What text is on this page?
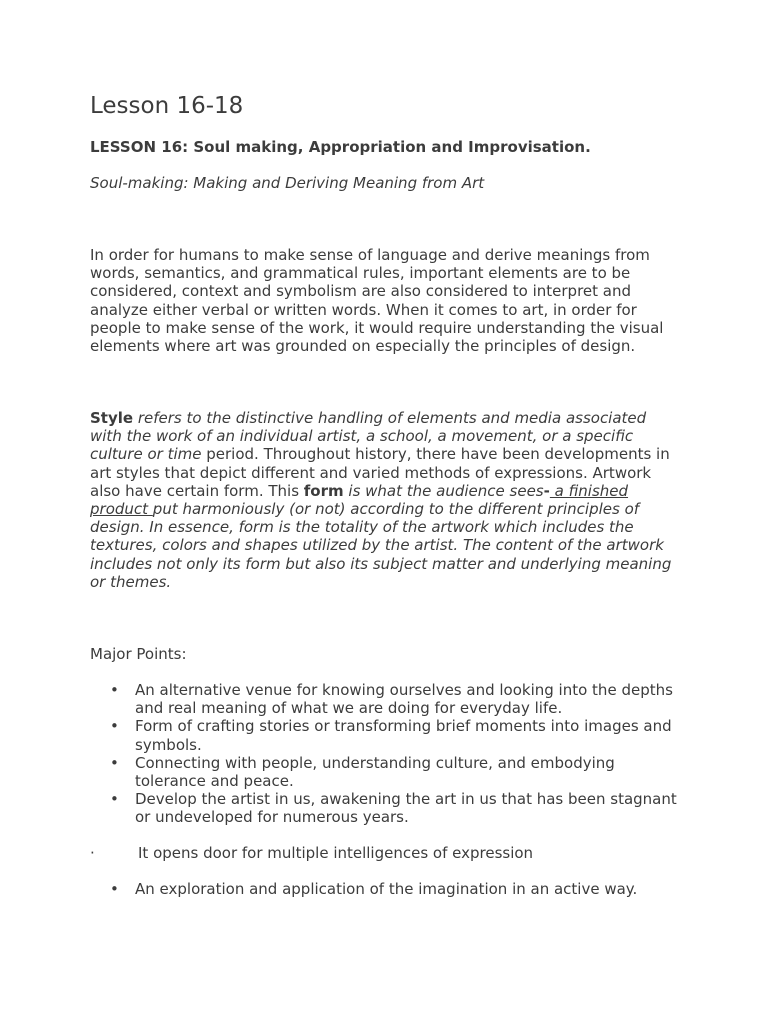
Lesson 16-18
LESSON 16: Soul making, Appropriation and Improvisation.

Soul-making: Making and Deriving Meaning from Art

In order for humans to make sense of language and derive meanings from words, semantics, and grammatical rules, important elements are to be considered, context and symbolism are also considered to interpret and analyze either verbal or written words. When it comes to art, in order for people to make sense of the work, it would require understanding the visual elements where art was grounded on especially the principles of design.

Style refers to the distinctive handling of elements and media associated with the work of an individual artist, a school, a movement, or a specific culture or time period. Throughout history, there have been developments in art styles that depict different and varied methods of expressions. Artwork also have certain form. This form is what the audience sees- a finished product put harmoniously (or not) according to the different principles of design. In essence, form is the totality of the artwork which includes the textures, colors and shapes utilized by the artist. The content of the artwork includes not only its form but also its subject matter and underlying meaning or themes.

Major Points:

• An alternative venue for knowing ourselves and looking into the depths and real meaning of what we are doing for everyday life.
• Form of crafting stories or transforming brief moments into images and symbols.
• Connecting with people, understanding culture, and embodying tolerance and peace.
• Develop the artist in us, awakening the art in us that has been stagnant or undeveloped for numerous years.

·	It opens door for multiple intelligences of expression

• An exploration and application of the imagination in an active way.
